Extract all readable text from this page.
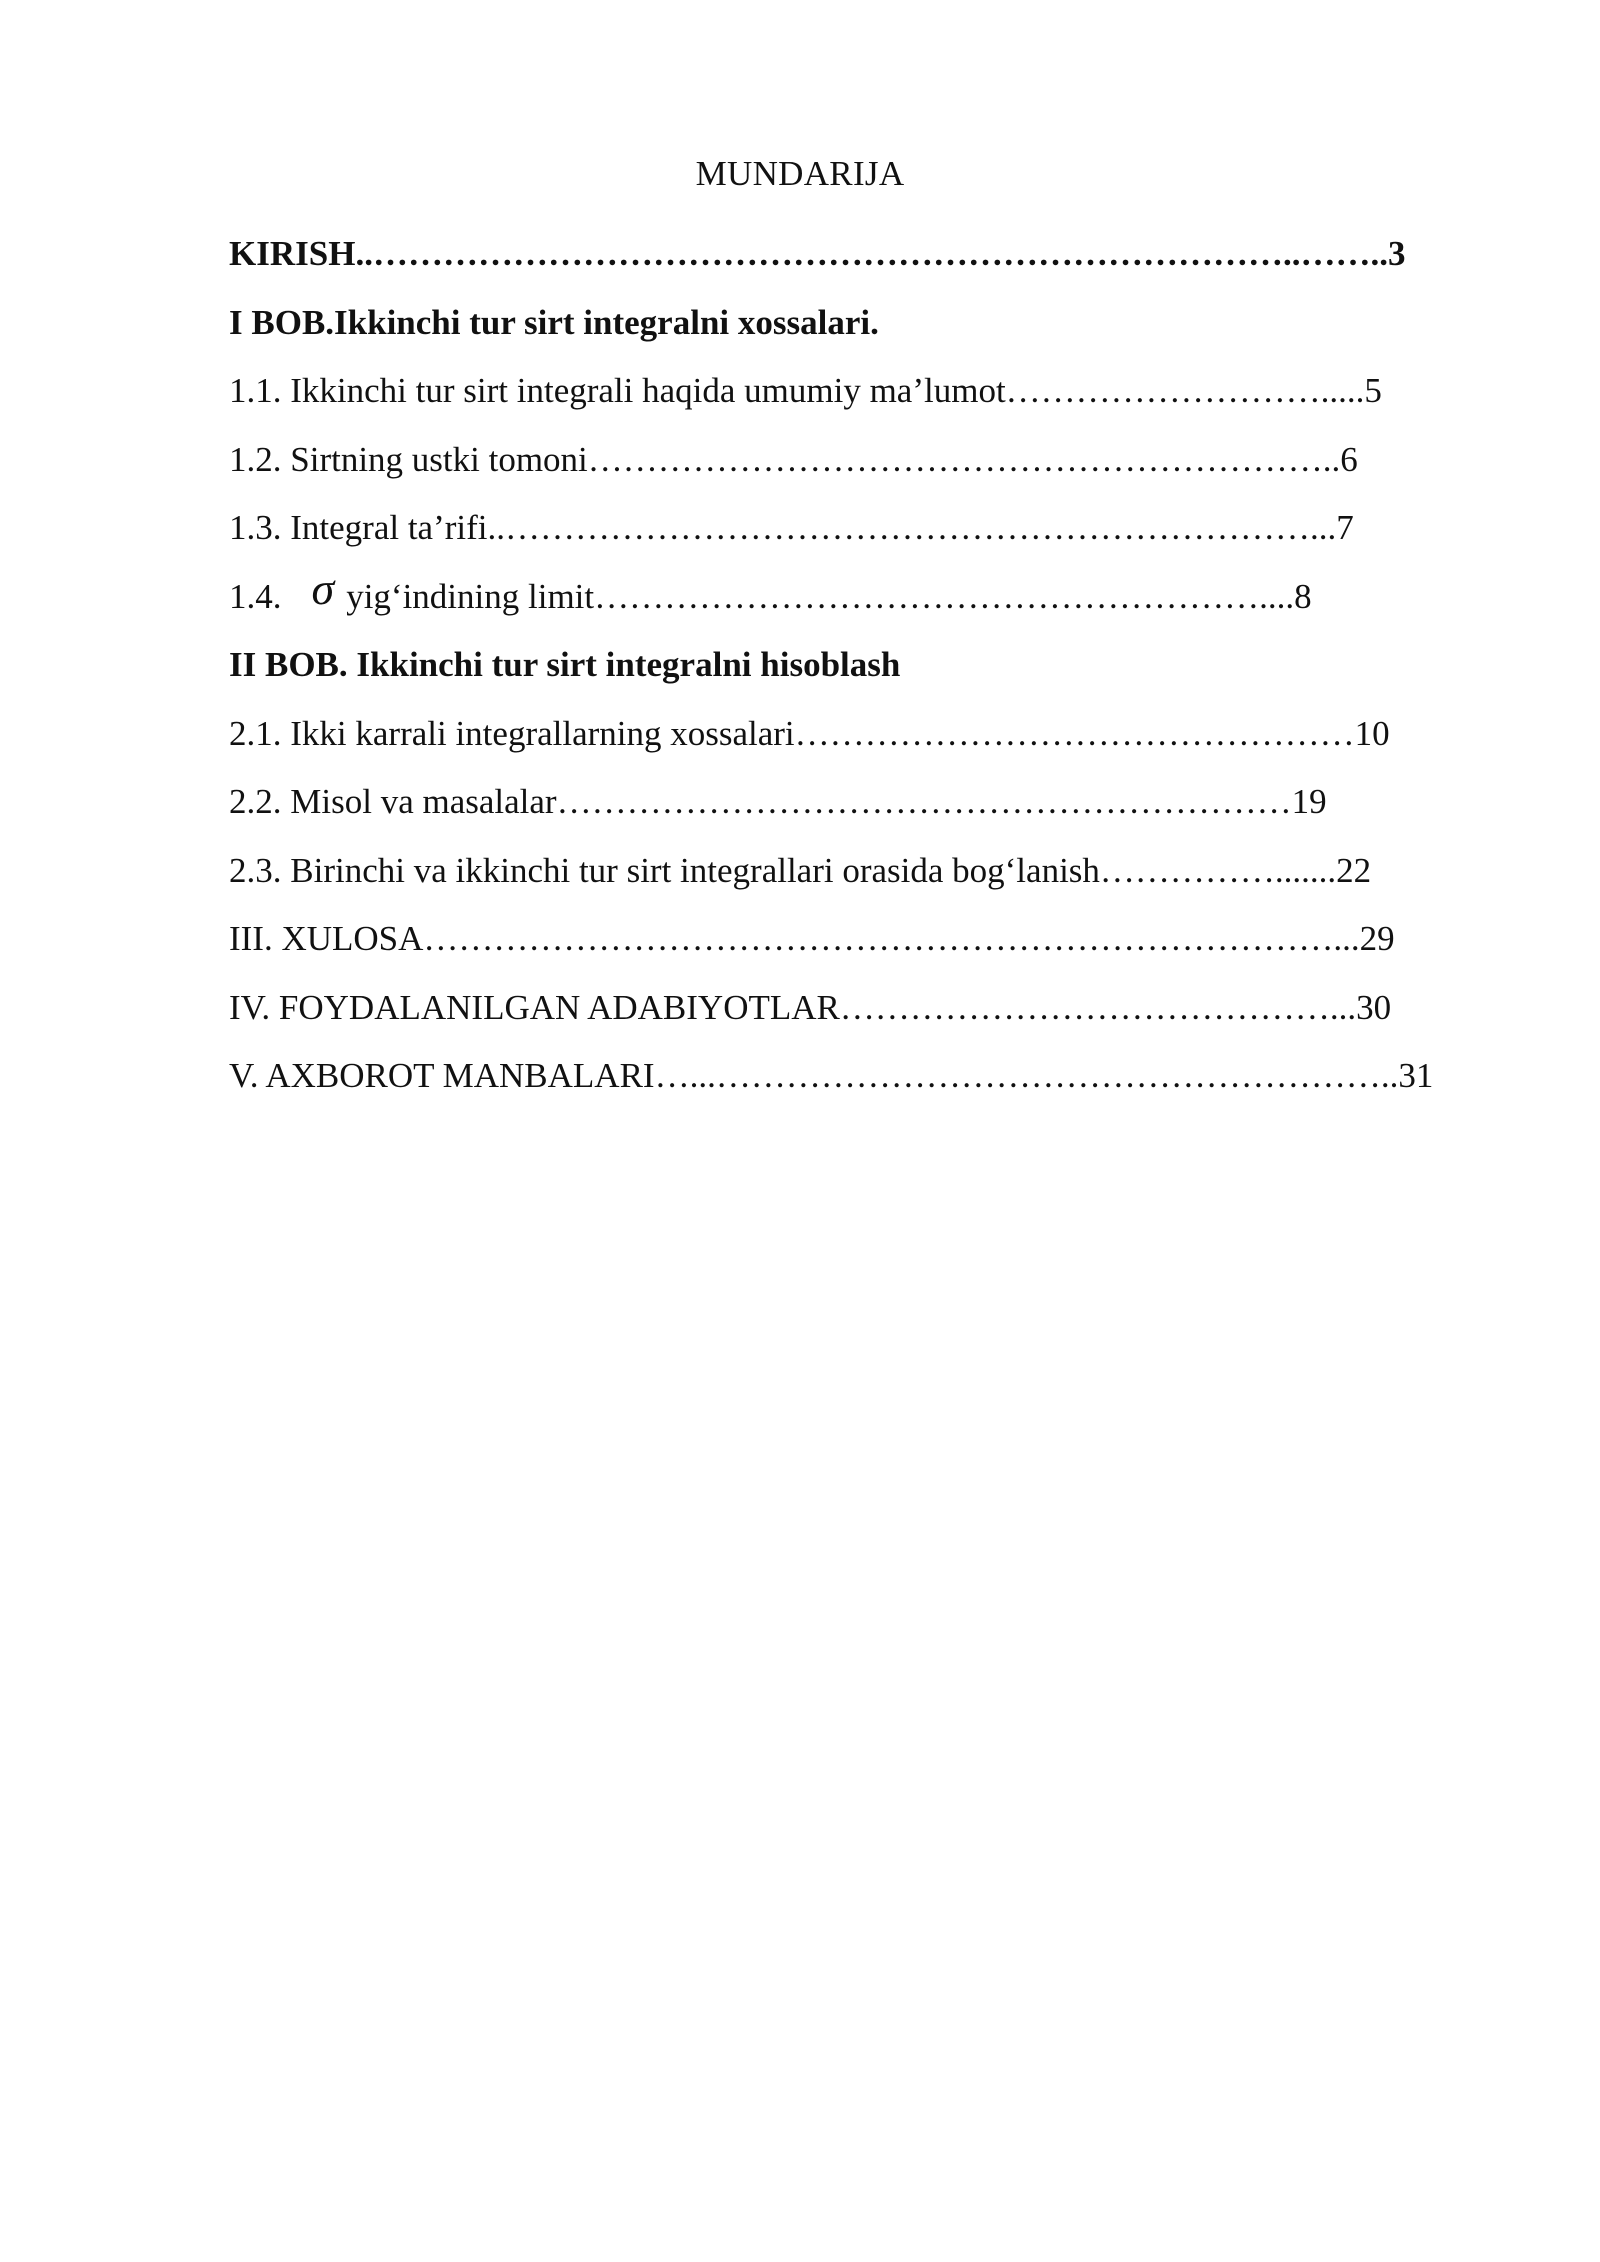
MUNDARIJA
KIRISH ..……………………………………………………………………..…….. 3
I BOB.Ikkinchi tur sirt integralni xossalari.
1.1. Ikkinchi tur sirt integrali haqida umumiy ma’lumot ………………………..... 5
1.2. Sirtning ustki tomoni ……………………………………………………….. 6
1.3. Integral ta’rifi ..……………………………………………………………... 7
1.4. σ yig‘indining limit ………………………………………………….... 8
II BOB. Ikkinchi tur sirt integralni hisoblash
2.1. Ikki karrali integrallarning xossalari ………………………………………… 10
2.2. Misol va masalalar ……………………………………………………… 19
2.3. Birinchi va ikkinchi tur sirt integrallari orasida bog‘lanish ……………....... 22
III. XULOSA ……………………………………………………………………... 29
IV. FOYDALANILGAN ADABIYOTLAR ……………………………………... 30
V. AXBOROT MANBALARI …...………………………………………………….. 31
